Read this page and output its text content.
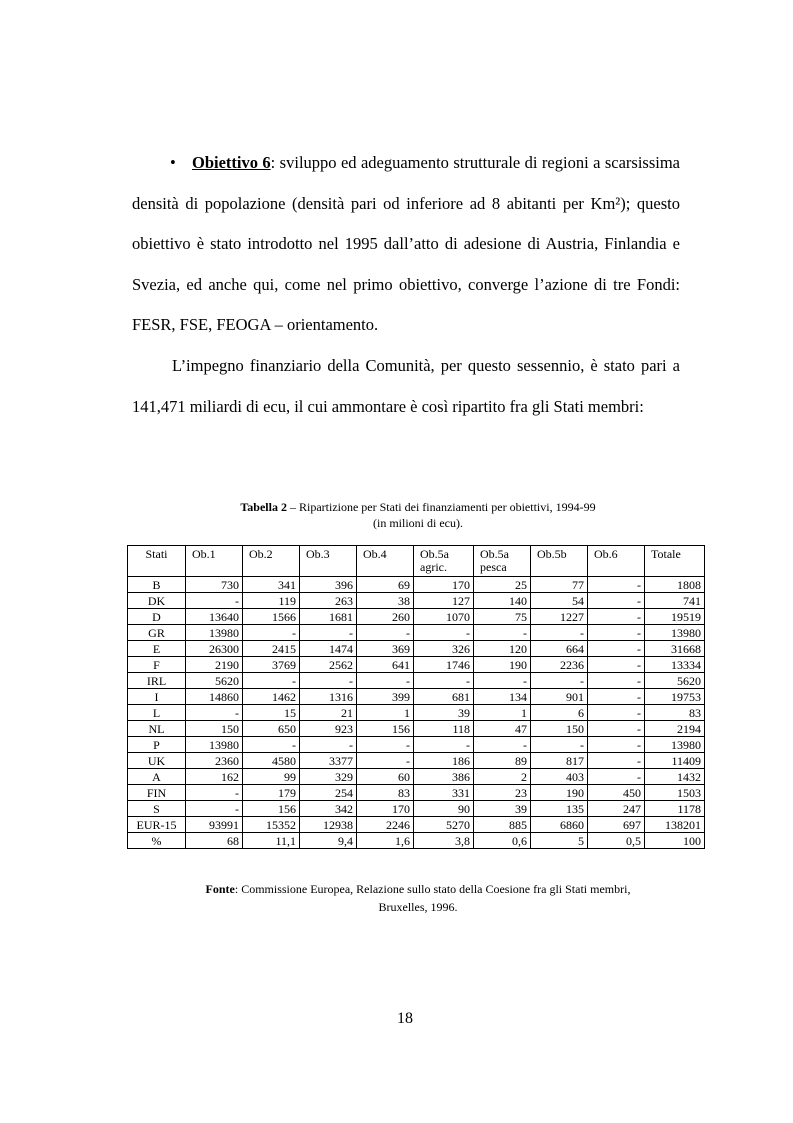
• Obiettivo 6: sviluppo ed adeguamento strutturale di regioni a scarsissima densità di popolazione (densità pari od inferiore ad 8 abitanti per Km²); questo obiettivo è stato introdotto nel 1995 dall’atto di adesione di Austria, Finlandia e Svezia, ed anche qui, come nel primo obiettivo, converge l’azione di tre Fondi: FESR, FSE, FEOGA – orientamento.
L’impegno finanziario della Comunità, per questo sessennio, è stato pari a 141,471 miliardi di ecu, il cui ammontare è così ripartito fra gli Stati membri:
Tabella 2 – Ripartizione per Stati dei finanziamenti per obiettivi, 1994-99
(in milioni di ecu).
Stati	Ob.1	Ob.2	Ob.3	Ob.4	Ob.5a agric.	Ob.5a pesca	Ob.5b	Ob.6	Totale
B	730	341	396	69	170	25	77	-	1808
DK	-	119	263	38	127	140	54	-	741
D	13640	1566	1681	260	1070	75	1227	-	19519
GR	13980	-	-	-	-	-	-	-	13980
E	26300	2415	1474	369	326	120	664	-	31668
F	2190	3769	2562	641	1746	190	2236	-	13334
IRL	5620	-	-	-	-	-	-	-	5620
I	14860	1462	1316	399	681	134	901	-	19753
L	-	15	21	1	39	1	6	-	83
NL	150	650	923	156	118	47	150	-	2194
P	13980	-	-	-	-	-	-	-	13980
UK	2360	4580	3377	-	186	89	817	-	11409
A	162	99	329	60	386	2	403	-	1432
FIN	-	179	254	83	331	23	190	450	1503
S	-	156	342	170	90	39	135	247	1178
EUR-15	93991	15352	12938	2246	5270	885	6860	697	138201
%	68	11,1	9,4	1,6	3,8	0,6	5	0,5	100
Fonte: Commissione Europea, Relazione sullo stato della Coesione fra gli Stati membri,
Bruxelles, 1996.
18
